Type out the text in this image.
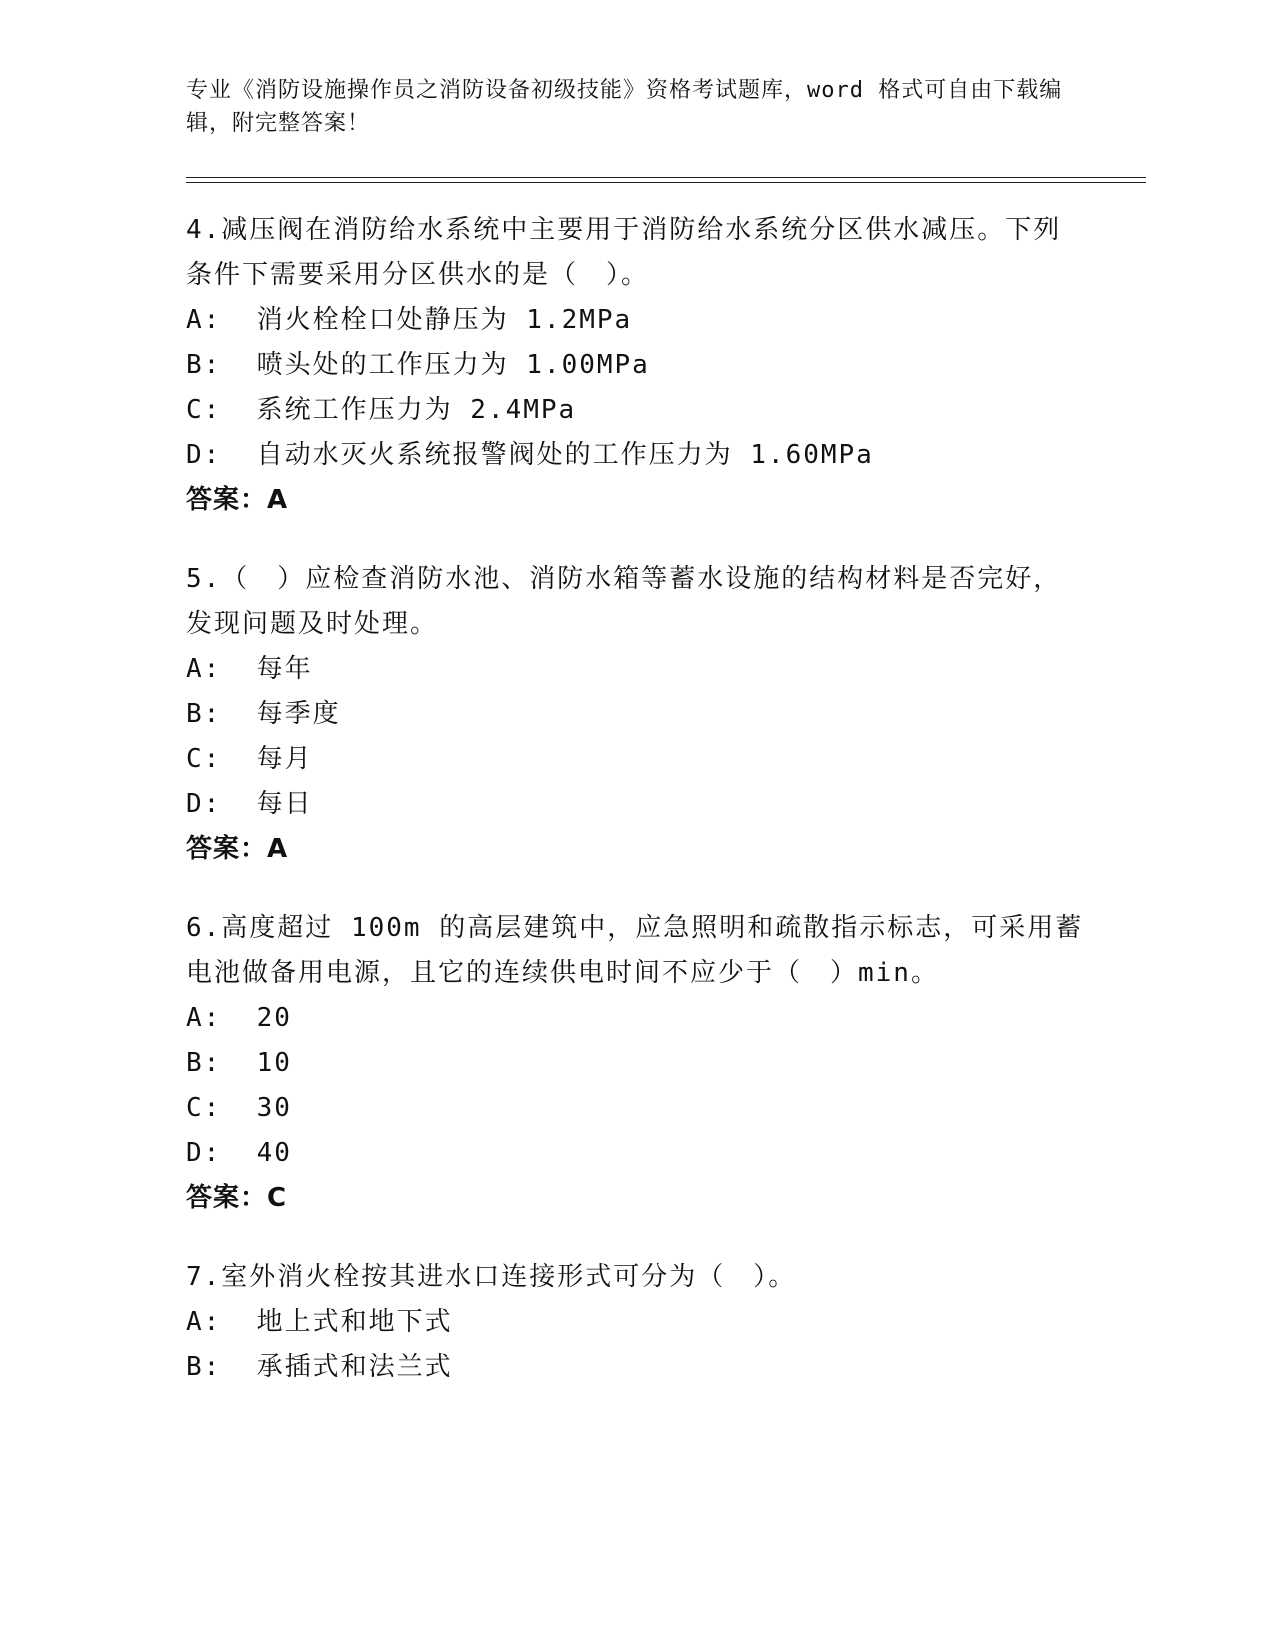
专业《消防设施操作员之消防设备初级技能》资格考试题库，word 格式可自由下载编辑，附完整答案！

4.减压阀在消防给水系统中主要用于消防给水系统分区供水减压。下列条件下需要采用分区供水的是（　）。

A:  消火栓栓口处静压为 1.2MPa

B:  喷头处的工作压力为 1.00MPa

C:  系统工作压力为 2.4MPa

D:  自动水灭火系统报警阀处的工作压力为 1.60MPa

答案：A

5.（　）应检查消防水池、消防水箱等蓄水设施的结构材料是否完好，发现问题及时处理。

A:  每年

B:  每季度

C:  每月

D:  每日

答案：A

6.高度超过 100m 的高层建筑中，应急照明和疏散指示标志，可采用蓄电池做备用电源，且它的连续供电时间不应少于（　）min。

A:  20

B:  10

C:  30

D:  40

答案：C

7.室外消火栓按其进水口连接形式可分为（　）。

A:  地上式和地下式

B:  承插式和法兰式
